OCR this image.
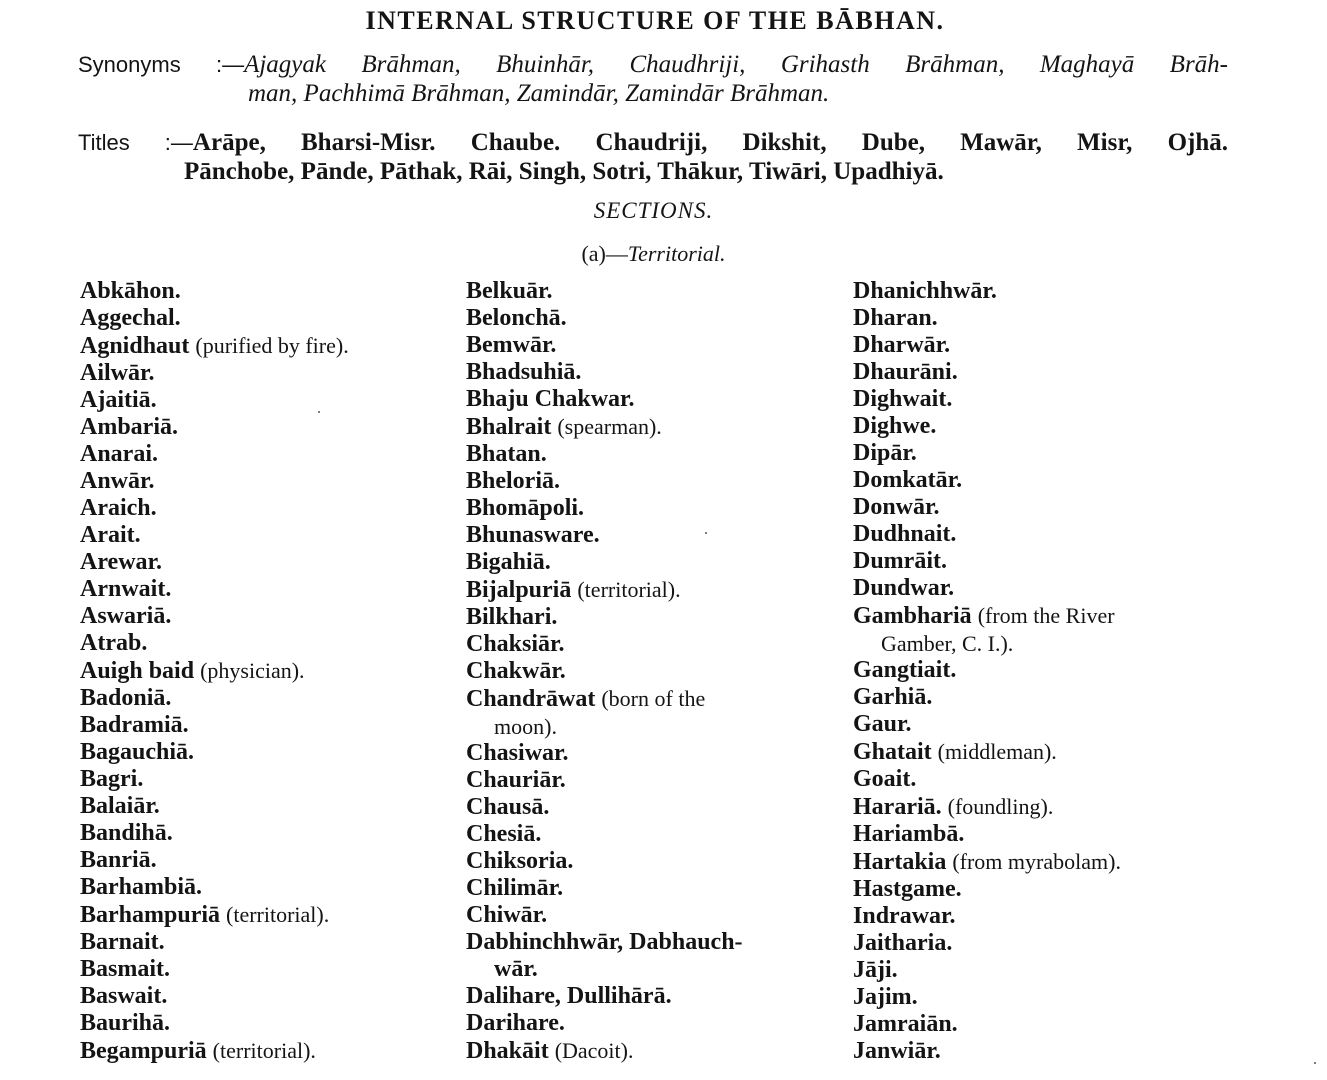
INTERNAL STRUCTURE OF THE BĀBHAN.
Synonyms :—Ajagyak Brāhman, Bhuinhār, Chaudhriji, Grihasth Brāhman, Maghayā Brāh-
man, Pachhimā Brāhman, Zamindār, Zamindār Brāhman.
Titles :—Arāpe, Bharsi-Misr. Chaube. Chaudriji, Dikshit, Dube, Mawār, Misr, Ojhā.
Pānchobe, Pānde, Pāthak, Rāi, Singh, Sotri, Thākur, Tiwāri, Upadhiyā.
SECTIONS.
(a)—Territorial.
Abkāhon.
Aggechal.
Agnidhaut (purified by fire).
Ailwār.
Ajaitiā.
Ambariā.
Anarai.
Anwār.
Araich.
Arait.
Arewar.
Arnwait.
Aswariā.
Atrab.
Auigh baid (physician).
Badoniā.
Badramiā.
Bagauchiā.
Bagri.
Balaiār.
Bandihā.
Banriā.
Barhambiā.
Barhampuriā (territorial).
Barnait.
Basmait.
Baswait.
Baurihā.
Begampuriā (territorial).
Belkuār.
Belonchā.
Bemwār.
Bhadsuhiā.
Bhaju Chakwar.
Bhalrait (spearman).
Bhatan.
Bheloriā.
Bhomāpoli.
Bhunasware.
Bigahiā.
Bijalpuriā (territorial).
Bilkhari.
Chaksiār.
Chakwār.
Chandrāwat (born of the
moon).
Chasiwar.
Chauriār.
Chausā.
Chesiā.
Chiksoria.
Chilimār.
Chiwār.
Dabhinchhwār, Dabhauch-
wār.
Dalihare, Dullihārā.
Darihare.
Dhakāit (Dacoit).
Dhanichhwār.
Dharan.
Dharwār.
Dhaurāni.
Dighwait.
Dighwe.
Dipār.
Domkatār.
Donwār.
Dudhnait.
Dumrāit.
Dundwar.
Gambhariā (from the River
Gamber, C. I.).
Gangtiait.
Garhiā.
Gaur.
Ghatait (middleman).
Goait.
Harariā. (foundling).
Hariambā.
Hartakia (from myrabolam).
Hastgame.
Indrawar.
Jaitharia.
Jāji.
Jajim.
Jamraiān.
Janwiār.
